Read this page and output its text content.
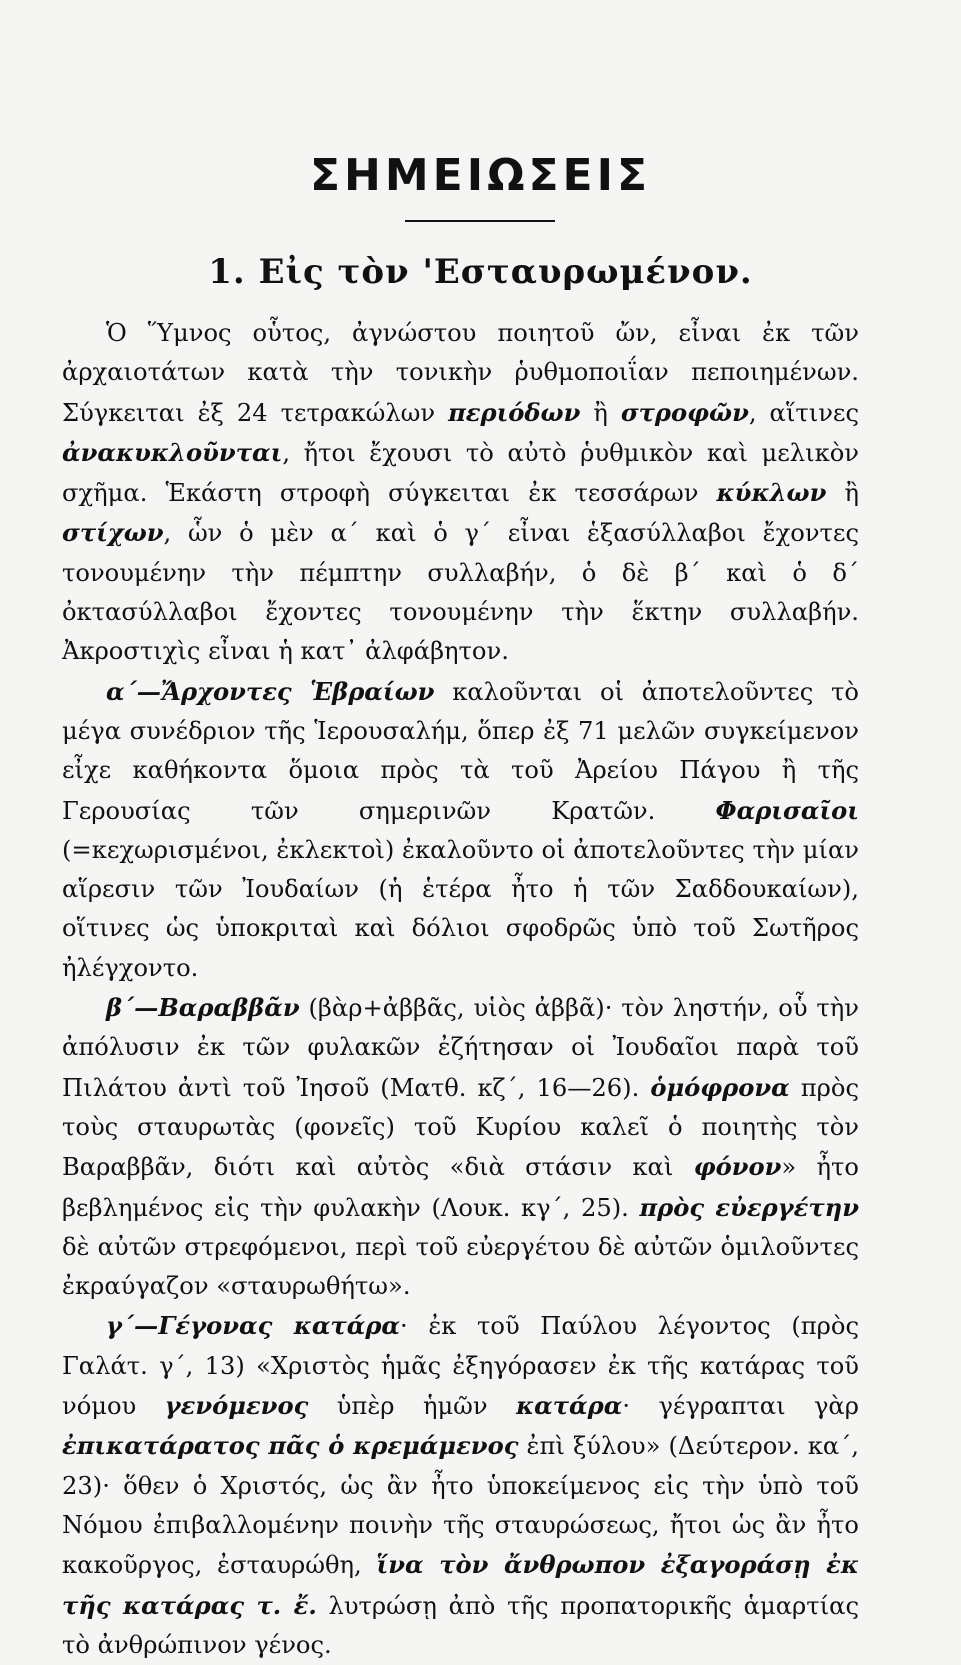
ΣΗΜΕΙΩΣΕΙΣ
1. Εἰς τὸν 'Εσταυρωμένον.

Ὁ Ὕμνος οὗτος, ἀγνώστου ποιητοῦ ὤν, εἶναι ἐκ τῶν ἀρχαιοτάτων κατὰ τὴν τονικὴν ῥυθμοποιΐαν πεποιημένων. Σύγκειται ἐξ 24 τετρακώλων περιόδων ἢ στροφῶν, αἵτινες ἀνακυκλοῦνται, ἤτοι ἔχουσι τὸ αὐτὸ ῥυθμικὸν καὶ μελικὸν σχῆμα. Ἑκάστη στροφὴ σύγκειται ἐκ τεσσάρων κύκλων ἢ στίχων, ὧν ὁ μὲν α´ καὶ ὁ γ´ εἶναι ἑξασύλλαβοι ἔχοντες τονουμένην τὴν πέμπτην συλλαβήν, ὁ δὲ β´ καὶ ὁ δ´ ὀκτασύλλαβοι ἔχοντες τονουμένην τὴν ἕκτην συλλαβήν. Ἀκροστιχὶς εἶναι ἡ κατ᾽ ἀλφάβητον.

α´—Ἄρχοντες Ἑβραίων καλοῦνται οἱ ἀποτελοῦντες τὸ μέγα συνέδριον τῆς Ἱερουσαλήμ, ὅπερ ἐξ 71 μελῶν συγκείμενον εἶχε καθήκοντα ὅμοια πρὸς τὰ τοῦ Ἀρείου Πάγου ἢ τῆς Γερουσίας τῶν σημερινῶν Κρατῶν. Φαρισαῖοι (=κεχωρισμένοι, ἐκλεκτοὶ) ἐκαλοῦντο οἱ ἀποτελοῦντες τὴν μίαν αἵρεσιν τῶν Ἰουδαίων (ἡ ἑτέρα ἦτο ἡ τῶν Σαδδουκαίων), οἵτινες ὡς ὑποκριταὶ καὶ δόλιοι σφοδρῶς ὑπὸ τοῦ Σωτῆρος ἠλέγχοντο.

β´—Βαραββᾶν (βὰρ+ἀββᾶς, υἱὸς ἀββᾶ)· τὸν ληστήν, οὗ τὴν ἀπόλυσιν ἐκ τῶν φυλακῶν ἐζήτησαν οἱ Ἰουδαῖοι παρὰ τοῦ Πιλάτου ἀντὶ τοῦ Ἰησοῦ (Ματθ. κζ´, 16—26). ὁμόφρονα πρὸς τοὺς σταυρωτὰς (φονεῖς) τοῦ Κυρίου καλεῖ ὁ ποιητὴς τὸν Βαραββᾶν, διότι καὶ αὐτὸς «διὰ στάσιν καὶ φόνον» ἦτο βεβλημένος εἰς τὴν φυλακὴν (Λουκ. κγ´, 25). πρὸς εὐεργέτην δὲ αὐτῶν στρεφόμενοι, περὶ τοῦ εὐεργέτου δὲ αὐτῶν ὁμιλοῦντες ἐκραύγαζον «σταυρωθήτω».

γ´—Γέγονας κατάρα· ἐκ τοῦ Παύλου λέγοντος (πρὸς Γαλάτ. γ´, 13) «Χριστὸς ἡμᾶς ἐξηγόρασεν ἐκ τῆς κατάρας τοῦ νόμου γενόμενος ὑπὲρ ἡμῶν κατάρα· γέγραπται γὰρ ἐπικατάρατος πᾶς ὁ κρεμάμενος ἐπὶ ξύλου» (Δεύτερον. κα´, 23)· ὅθεν ὁ Χριστός, ὡς ἂν ἦτο ὑποκείμενος εἰς τὴν ὑπὸ τοῦ Νόμου ἐπιβαλλομένην ποινὴν τῆς σταυρώσεως, ἤτοι ὡς ἂν ἦτο κακοῦργος, ἐσταυρώθη, ἵνα τὸν ἄνθρωπον ἐξαγοράσῃ ἐκ τῆς κατάρας τ. ἔ. λυτρώσῃ ἀπὸ τῆς προπατορικῆς ἁμαρτίας τὸ ἀνθρώπινον γένος.
